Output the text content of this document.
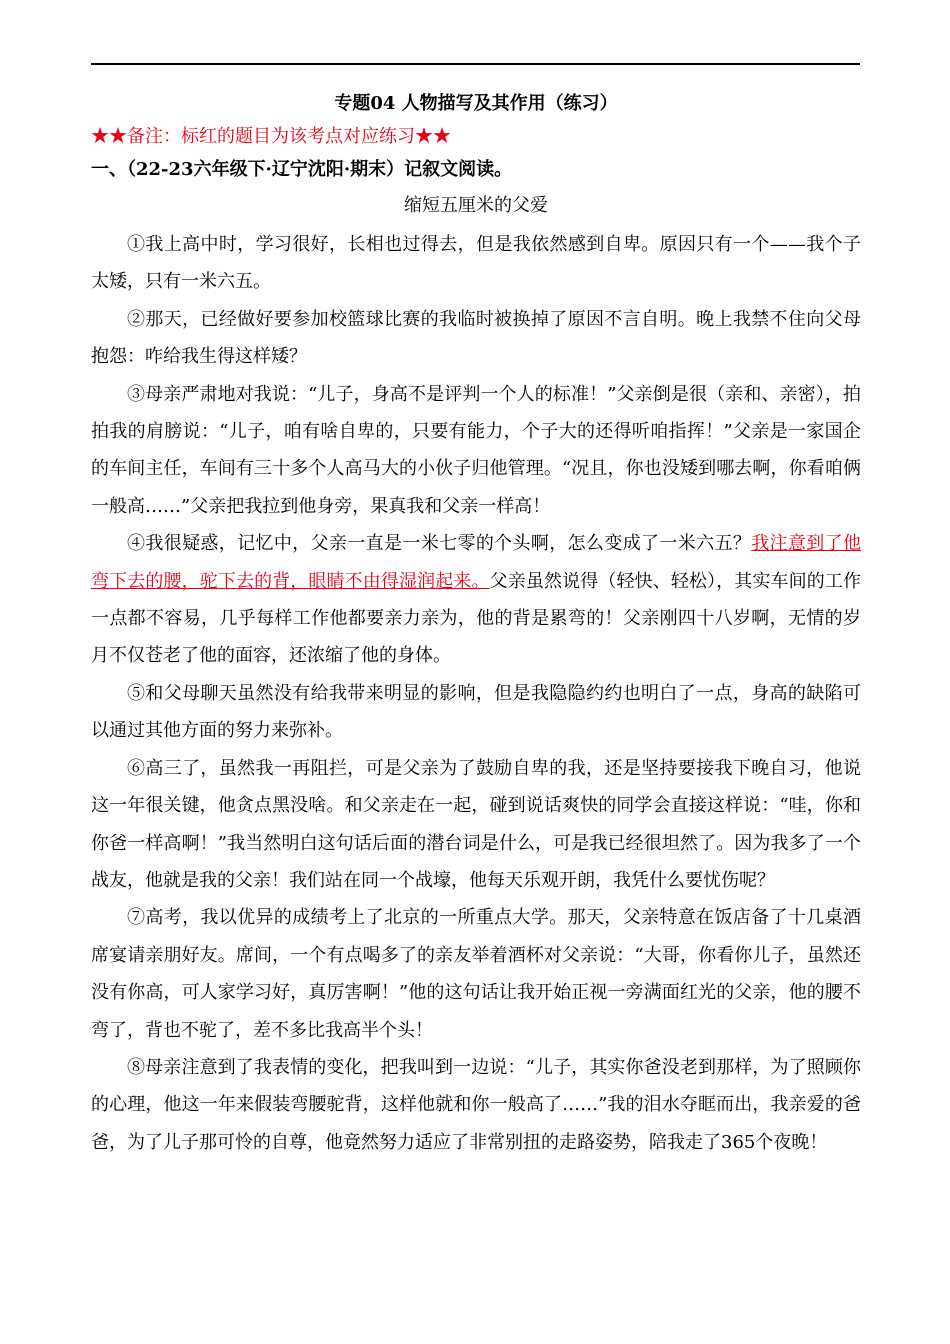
专题04 人物描写及其作用（练习）

★★备注：标红的题目为该考点对应练习★★

一、（22-23六年级下·辽宁沈阳·期末）记叙文阅读。

缩短五厘米的父爱

①我上高中时，学习很好，长相也过得去，但是我依然感到自卑。原因只有一个——我个子太矮，只有一米六五。

②那天，已经做好要参加校篮球比赛的我临时被换掉了原因不言自明。晚上我禁不住向父母抱怨：咋给我生得这样矮？

③母亲严肃地对我说：“儿子，身高不是评判一个人的标准！”父亲倒是很（亲和、亲密），拍拍我的肩膀说：“儿子，咱有啥自卑的，只要有能力，个子大的还得听咱指挥！”父亲是一家国企的车间主任，车间有三十多个人高马大的小伙子归他管理。“况且，你也没矮到哪去啊，你看咱俩一般高……”父亲把我拉到他身旁，果真我和父亲一样高！

④我很疑惑，记忆中，父亲一直是一米七零的个头啊，怎么变成了一米六五？我注意到了他弯下去的腰，驼下去的背，眼睛不由得湿润起来。父亲虽然说得（轻快、轻松），其实车间的工作一点都不容易，几乎每样工作他都要亲力亲为，他的背是累弯的！父亲刚四十八岁啊，无情的岁月不仅苍老了他的面容，还浓缩了他的身体。

⑤和父母聊天虽然没有给我带来明显的影响，但是我隐隐约约也明白了一点，身高的缺陷可以通过其他方面的努力来弥补。

⑥高三了，虽然我一再阻拦，可是父亲为了鼓励自卑的我，还是坚持要接我下晚自习，他说这一年很关键，他贪点黑没啥。和父亲走在一起，碰到说话爽快的同学会直接这样说：“哇，你和你爸一样高啊！”我当然明白这句话后面的潜台词是什么，可是我已经很坦然了。因为我多了一个战友，他就是我的父亲！我们站在同一个战壕，他每天乐观开朗，我凭什么要忧伤呢？

⑦高考，我以优异的成绩考上了北京的一所重点大学。那天，父亲特意在饭店备了十几桌酒席宴请亲朋好友。席间，一个有点喝多了的亲友举着酒杯对父亲说：“大哥，你看你儿子，虽然还没有你高，可人家学习好，真厉害啊！”他的这句话让我开始正视一旁满面红光的父亲，他的腰不弯了，背也不驼了，差不多比我高半个头！

⑧母亲注意到了我表情的变化，把我叫到一边说：“儿子，其实你爸没老到那样，为了照顾你的心理，他这一年来假装弯腰驼背，这样他就和你一般高了……”我的泪水夺眶而出，我亲爱的爸爸，为了儿子那可怜的自尊，他竟然努力适应了非常别扭的走路姿势，陪我走了365个夜晚！
